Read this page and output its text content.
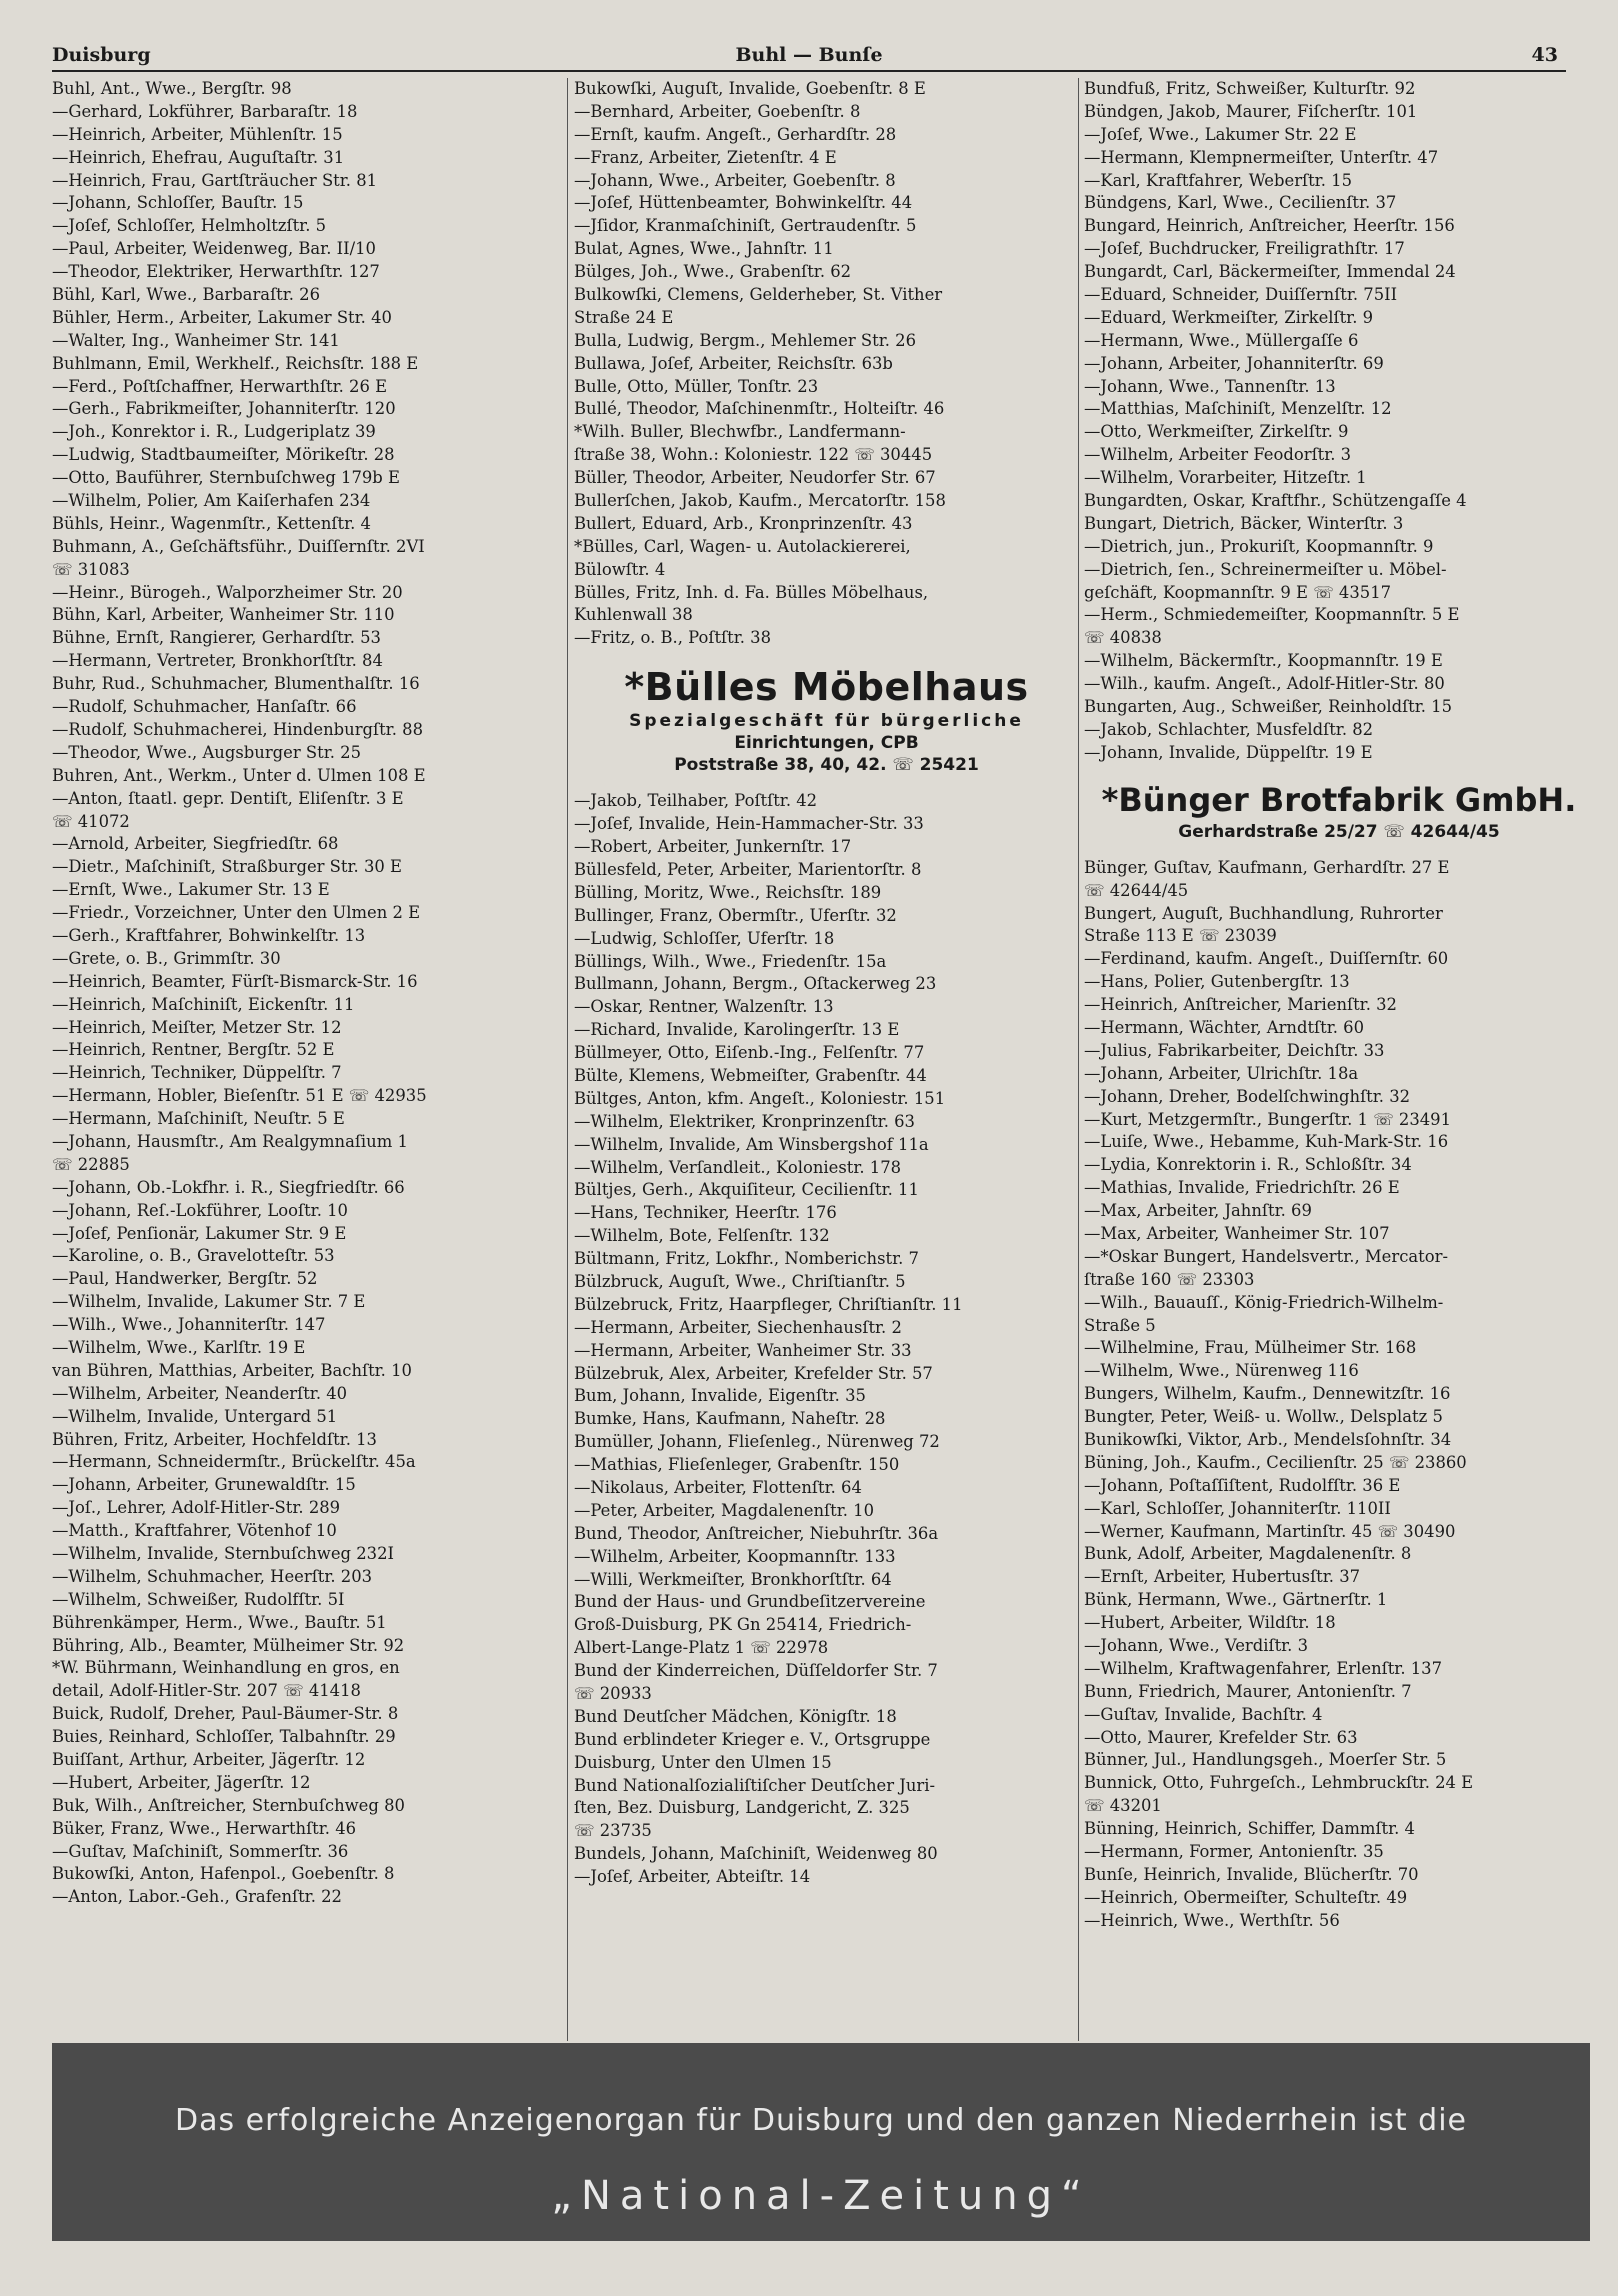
Duisburg	Buhl — Bunſe	43
Buhl, Ant., Wwe., Bergſtr. 98
—Gerhard, Lokführer, Barbaraſtr. 18
—Heinrich, Arbeiter, Mühlenſtr. 15
—Heinrich, Ehefrau, Auguſtaſtr. 31
—Heinrich, Frau, Gartſträucher Str. 81
—Johann, Schloſſer, Bauſtr. 15
—Joſef, Schloſſer, Helmholtzſtr. 5
—Paul, Arbeiter, Weidenweg, Bar. II/10
—Theodor, Elektriker, Herwarthſtr. 127
Bühl, Karl, Wwe., Barbaraſtr. 26
Bühler, Herm., Arbeiter, Lakumer Str. 40
—Walter, Ing., Wanheimer Str. 141
Buhlmann, Emil, Werkhelf., Reichsſtr. 188 E
—Ferd., Poſtſchaffner, Herwarthſtr. 26 E
—Gerh., Fabrikmeiſter, Johanniterſtr. 120
—Joh., Konrektor i. R., Ludgeriplatz 39
—Ludwig, Stadtbaumeiſter, Mörikeſtr. 28
—Otto, Bauführer, Sternbuſchweg 179b E
—Wilhelm, Polier, Am Kaiſerhafen 234
Bühls, Heinr., Wagenmſtr., Kettenſtr. 4
Buhmann, A., Geſchäftsführ., Duiſſernſtr. 2VI
☏ 31083
—Heinr., Bürogeh., Walporzheimer Str. 20
Bühn, Karl, Arbeiter, Wanheimer Str. 110
Bühne, Ernſt, Rangierer, Gerhardſtr. 53
—Hermann, Vertreter, Bronkhorſtſtr. 84
Buhr, Rud., Schuhmacher, Blumenthalſtr. 16
—Rudolf, Schuhmacher, Hanſaſtr. 66
—Rudolf, Schuhmacherei, Hindenburgſtr. 88
—Theodor, Wwe., Augsburger Str. 25
Buhren, Ant., Werkm., Unter d. Ulmen 108 E
—Anton, ſtaatl. gepr. Dentiſt, Eliſenſtr. 3 E
☏ 41072
—Arnold, Arbeiter, Siegfriedſtr. 68
—Dietr., Maſchiniſt, Straßburger Str. 30 E
—Ernſt, Wwe., Lakumer Str. 13 E
—Friedr., Vorzeichner, Unter den Ulmen 2 E
—Gerh., Kraftfahrer, Bohwinkelſtr. 13
—Grete, o. B., Grimmſtr. 30
—Heinrich, Beamter, Fürſt-Bismarck-Str. 16
—Heinrich, Maſchiniſt, Eickenſtr. 11
—Heinrich, Meiſter, Metzer Str. 12
—Heinrich, Rentner, Bergſtr. 52 E
—Heinrich, Techniker, Düppelſtr. 7
—Hermann, Hobler, Bieſenſtr. 51 E ☏ 42935
—Hermann, Maſchiniſt, Neuſtr. 5 E
—Johann, Hausmſtr., Am Realgymnaſium 1
☏ 22885
—Johann, Ob.-Lokfhr. i. R., Siegfriedſtr. 66
—Johann, Reſ.-Lokführer, Looſtr. 10
—Joſef, Penſionär, Lakumer Str. 9 E
—Karoline, o. B., Gravelotteſtr. 53
—Paul, Handwerker, Bergſtr. 52
—Wilhelm, Invalide, Lakumer Str. 7 E
—Wilh., Wwe., Johanniterſtr. 147
—Wilhelm, Wwe., Karlſtr. 19 E
van Bühren, Matthias, Arbeiter, Bachſtr. 10
—Wilhelm, Arbeiter, Neanderſtr. 40
—Wilhelm, Invalide, Untergard 51
Bühren, Fritz, Arbeiter, Hochfeldſtr. 13
—Hermann, Schneidermſtr., Brückelſtr. 45a
—Johann, Arbeiter, Grunewaldſtr. 15
—Joſ., Lehrer, Adolf-Hitler-Str. 289
—Matth., Kraftfahrer, Vötenhof 10
—Wilhelm, Invalide, Sternbuſchweg 232I
—Wilhelm, Schuhmacher, Heerſtr. 203
—Wilhelm, Schweißer, Rudolfſtr. 5I
Bührenkämper, Herm., Wwe., Bauſtr. 51
Bühring, Alb., Beamter, Mülheimer Str. 92
*W. Bührmann, Weinhandlung en gros, en
detail, Adolf-Hitler-Str. 207 ☏ 41418
Buick, Rudolf, Dreher, Paul-Bäumer-Str. 8
Buies, Reinhard, Schloſſer, Talbahnſtr. 29
Buiſſant, Arthur, Arbeiter, Jägerſtr. 12
—Hubert, Arbeiter, Jägerſtr. 12
Buk, Wilh., Anſtreicher, Sternbuſchweg 80
Büker, Franz, Wwe., Herwarthſtr. 46
—Guſtav, Maſchiniſt, Sommerſtr. 36
Bukowſki, Anton, Hafenpol., Goebenſtr. 8
—Anton, Labor.-Geh., Grafenſtr. 22
Bukowſki, Auguſt, Invalide, Goebenſtr. 8 E
—Bernhard, Arbeiter, Goebenſtr. 8
—Ernſt, kaufm. Angeſt., Gerhardſtr. 28
—Franz, Arbeiter, Zietenſtr. 4 E
—Johann, Wwe., Arbeiter, Goebenſtr. 8
—Joſef, Hüttenbeamter, Bohwinkelſtr. 44
—Jſidor, Kranmaſchiniſt, Gertraudenſtr. 5
Bulat, Agnes, Wwe., Jahnſtr. 11
Bülges, Joh., Wwe., Grabenſtr. 62
Bulkowſki, Clemens, Gelderheber, St. Vither
Straße 24 E
Bulla, Ludwig, Bergm., Mehlemer Str. 26
Bullawa, Joſef, Arbeiter, Reichsſtr. 63b
Bulle, Otto, Müller, Tonſtr. 23
Bullé, Theodor, Maſchinenmſtr., Holteiſtr. 46
*Wilh. Buller, Blechwfbr., Landfermann-
ſtraße 38, Wohn.: Koloniestr. 122 ☏ 30445
Büller, Theodor, Arbeiter, Neudorfer Str. 67
Bullerſchen, Jakob, Kaufm., Mercatorſtr. 158
Bullert, Eduard, Arb., Kronprinzenſtr. 43
*Bülles, Carl, Wagen- u. Autolackiererei,
Bülowſtr. 4
Bülles, Fritz, Inh. d. Fa. Bülles Möbelhaus,
Kuhlenwall 38
—Fritz, o. B., Poſtſtr. 38
*Bülles Möbelhaus
Spezialgeschäft für bürgerliche
Einrichtungen, CPB
Poststraße 38, 40, 42. ☏ 25421
—Jakob, Teilhaber, Poſtſtr. 42
—Joſef, Invalide, Hein-Hammacher-Str. 33
—Robert, Arbeiter, Junkernſtr. 17
Büllesfeld, Peter, Arbeiter, Marientorſtr. 8
Bülling, Moritz, Wwe., Reichsſtr. 189
Bullinger, Franz, Obermſtr., Uferſtr. 32
—Ludwig, Schloſſer, Uferſtr. 18
Büllings, Wilh., Wwe., Friedenſtr. 15a
Bullmann, Johann, Bergm., Oſtackerweg 23
—Oskar, Rentner, Walzenſtr. 13
—Richard, Invalide, Karolingerſtr. 13 E
Büllmeyer, Otto, Eiſenb.-Ing., Felſenſtr. 77
Bülte, Klemens, Webmeiſter, Grabenſtr. 44
Bültges, Anton, kfm. Angeſt., Koloniestr. 151
—Wilhelm, Elektriker, Kronprinzenſtr. 63
—Wilhelm, Invalide, Am Winsbergshof 11a
—Wilhelm, Verſandleit., Koloniestr. 178
Bültjes, Gerh., Akquiſiteur, Cecilienſtr. 11
—Hans, Techniker, Heerſtr. 176
—Wilhelm, Bote, Felſenſtr. 132
Bültmann, Fritz, Lokfhr., Nomberichstr. 7
Bülzbruck, Auguſt, Wwe., Chriſtianſtr. 5
Bülzebruck, Fritz, Haarpfleger, Chriſtianſtr. 11
—Hermann, Arbeiter, Siechenhausſtr. 2
—Hermann, Arbeiter, Wanheimer Str. 33
Bülzebruk, Alex, Arbeiter, Krefelder Str. 57
Bum, Johann, Invalide, Eigenſtr. 35
Bumke, Hans, Kaufmann, Naheſtr. 28
Bumüller, Johann, Flieſenleg., Nürenweg 72
—Mathias, Flieſenleger, Grabenſtr. 150
—Nikolaus, Arbeiter, Flottenſtr. 64
—Peter, Arbeiter, Magdalenenſtr. 10
Bund, Theodor, Anſtreicher, Niebuhrſtr. 36a
—Wilhelm, Arbeiter, Koopmannſtr. 133
—Willi, Werkmeiſter, Bronkhorſtſtr. 64
Bund der Haus- und Grundbeſitzervereine
Groß-Duisburg, PK Gn 25414, Friedrich-
Albert-Lange-Platz 1 ☏ 22978
Bund der Kinderreichen, Düſſeldorfer Str. 7
☏ 20933
Bund Deutſcher Mädchen, Königſtr. 18
Bund erblindeter Krieger e. V., Ortsgruppe
Duisburg, Unter den Ulmen 15
Bund Nationalſozialiſtiſcher Deutſcher Juri-
ſten, Bez. Duisburg, Landgericht, Z. 325
☏ 23735
Bundels, Johann, Maſchiniſt, Weidenweg 80
—Joſef, Arbeiter, Abteiſtr. 14
Bundfuß, Fritz, Schweißer, Kulturſtr. 92
Bündgen, Jakob, Maurer, Fiſcherſtr. 101
—Joſef, Wwe., Lakumer Str. 22 E
—Hermann, Klempnermeiſter, Unterſtr. 47
—Karl, Kraftfahrer, Weberſtr. 15
Bündgens, Karl, Wwe., Cecilienſtr. 37
Bungard, Heinrich, Anſtreicher, Heerſtr. 156
—Joſef, Buchdrucker, Freiligrathſtr. 17
Bungardt, Carl, Bäckermeiſter, Immendal 24
—Eduard, Schneider, Duiſſernſtr. 75II
—Eduard, Werkmeiſter, Zirkelſtr. 9
—Hermann, Wwe., Müllergaſſe 6
—Johann, Arbeiter, Johanniterſtr. 69
—Johann, Wwe., Tannenſtr. 13
—Matthias, Maſchiniſt, Menzelſtr. 12
—Otto, Werkmeiſter, Zirkelſtr. 9
—Wilhelm, Arbeiter Feodorſtr. 3
—Wilhelm, Vorarbeiter, Hitzeſtr. 1
Bungardten, Oskar, Kraftfhr., Schützengaſſe 4
Bungart, Dietrich, Bäcker, Winterſtr. 3
—Dietrich, jun., Prokuriſt, Koopmannſtr. 9
—Dietrich, ſen., Schreinermeiſter u. Möbel-
geſchäft, Koopmannſtr. 9 E ☏ 43517
—Herm., Schmiedemeiſter, Koopmannſtr. 5 E
☏ 40838
—Wilhelm, Bäckermſtr., Koopmannſtr. 19 E
—Wilh., kaufm. Angeſt., Adolf-Hitler-Str. 80
Bungarten, Aug., Schweißer, Reinholdſtr. 15
—Jakob, Schlachter, Musfeldſtr. 82
—Johann, Invalide, Düppelſtr. 19 E
*Bünger Brotfabrik GmbH.
Gerhardstraße 25/27 ☏ 42644/45
Bünger, Guſtav, Kaufmann, Gerhardſtr. 27 E
☏ 42644/45
Bungert, Auguſt, Buchhandlung, Ruhrorter
Straße 113 E ☏ 23039
—Ferdinand, kaufm. Angeſt., Duiſſernſtr. 60
—Hans, Polier, Gutenbergſtr. 13
—Heinrich, Anſtreicher, Marienſtr. 32
—Hermann, Wächter, Arndtſtr. 60
—Julius, Fabrikarbeiter, Deichſtr. 33
—Johann, Arbeiter, Ulrichſtr. 18a
—Johann, Dreher, Bodelſchwinghſtr. 32
—Kurt, Metzgermſtr., Bungerſtr. 1 ☏ 23491
—Luiſe, Wwe., Hebamme, Kuh-Mark-Str. 16
—Lydia, Konrektorin i. R., Schloßſtr. 34
—Mathias, Invalide, Friedrichſtr. 26 E
—Max, Arbeiter, Jahnſtr. 69
—Max, Arbeiter, Wanheimer Str. 107
—*Oskar Bungert, Handelsvertr., Mercator-
ſtraße 160 ☏ 23303
—Wilh., Bauauſſ., König-Friedrich-Wilhelm-
Straße 5
—Wilhelmine, Frau, Mülheimer Str. 168
—Wilhelm, Wwe., Nürenweg 116
Bungers, Wilhelm, Kaufm., Dennewitzſtr. 16
Bungter, Peter, Weiß- u. Wollw., Delsplatz 5
Bunikowſki, Viktor, Arb., Mendelsſohnſtr. 34
Büning, Joh., Kaufm., Cecilienſtr. 25 ☏ 23860
—Johann, Poſtaſſiſtent, Rudolfſtr. 36 E
—Karl, Schloſſer, Johanniterſtr. 110II
—Werner, Kaufmann, Martinſtr. 45 ☏ 30490
Bunk, Adolf, Arbeiter, Magdalenenſtr. 8
—Ernſt, Arbeiter, Hubertusſtr. 37
Bünk, Hermann, Wwe., Gärtnerſtr. 1
—Hubert, Arbeiter, Wildſtr. 18
—Johann, Wwe., Verdiſtr. 3
—Wilhelm, Kraftwagenfahrer, Erlenſtr. 137
Bunn, Friedrich, Maurer, Antonienſtr. 7
—Guſtav, Invalide, Bachſtr. 4
—Otto, Maurer, Krefelder Str. 63
Bünner, Jul., Handlungsgeh., Moerſer Str. 5
Bunnick, Otto, Fuhrgeſch., Lehmbruckſtr. 24 E
☏ 43201
Bünning, Heinrich, Schiffer, Dammſtr. 4
—Hermann, Former, Antonienſtr. 35
Bunſe, Heinrich, Invalide, Blücherſtr. 70
—Heinrich, Obermeiſter, Schulteſtr. 49
—Heinrich, Wwe., Werthſtr. 56
Das erfolgreiche Anzeigenorgan für Duisburg und den ganzen Niederrhein ist die
„National-Zeitung“
